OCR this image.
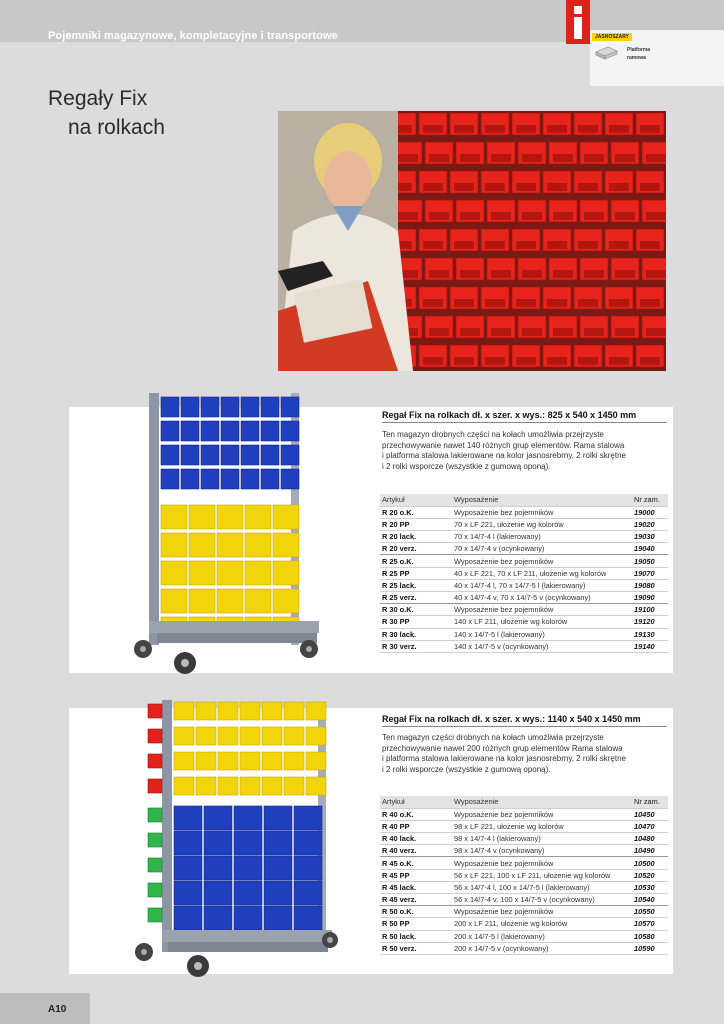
Pojemniki magazynowe, kompletacyjne i transportowe	JASNOSZARY
Platforma ramowa
Regały Fix
na rolkach
Regał Fix na rolkach dł. x szer. x wys.: 825 x 540 x 1450 mm
Ten magazyn drobnych części na kołach umożliwia przejrzyste
przechowywanie nawet 140 różnych grup elementów. Rama stalowa
i platforma stalowa lakierowane na kolor jasnosrebrny, 2 rolki skrętne
i 2 rolki wsporcze (wszystkie z gumową oponą).
Artykuł	Wyposażenie	Nr zam.
R 20 o.K.	Wyposażenie bez pojemników	19000
R 20 PP	70 x LF 221, ułożenie wg kolorów	19020
R 20 lack.	70 x 14/7-4 l (lakierowany)	19030
R 20 verz.	70 x 14/7-4 v (ocynkowany)	19040
R 25 o.K.	Wyposażenie bez pojemników	19050
R 25 PP	40 x LF 221, 70 x LF 211, ułożenie wg kolorów	19070
R 25 lack.	40 x 14/7-4 l, 70 x 14/7-5 l (lakierowany)	19080
R 25 verz.	40 x 14/7-4 v, 70 x 14/7-5 v (ocynkowany)	19090
R 30 o.K.	Wyposażenie bez pojemników	19100
R 30 PP	140 x LF 211, ułożenie wg kolorów	19120
R 30 lack.	140 x 14/7-5 l (lakierowany)	19130
R 30 verz.	140 x 14/7-5 v (ocynkowany)	19140
Regał Fix na rolkach dł. x szer. x wys.: 1140 x 540 x 1450 mm
Ten magazyn części drobnych na kołach umożliwia przejrzyste
przechowywanie nawet 200 różnych grup elementów Rama stalowa
i platforma stalowa lakierowane na kolor jasnosrebrny, 2 rolki skrętne
i 2 rolki wsporcze (wszystkie z gumową oponą).
Artykuł	Wyposażenie	Nr zam.
R 40 o.K.	Wyposażenie bez pojemników	10450
R 40 PP	98 x LF 221, ułożenie wg kolorów	10470
R 40 lack.	98 x 14/7-4 l (lakierowany)	10480
R 40 verz.	98 x 14/7-4 v (ocynkowany)	10490
R 45 o.K.	Wyposażenie bez pojemników	10500
R 45 PP	56 x LF 221, 100 x LF 211, ułożenie wg kolorów	10520
R 45 lack.	56 x 14/7-4 l, 100 x 14/7-5 l (lakierowany)	10530
R 45 verz.	56 x 14/7-4 v, 100 x 14/7-5 v (ocynkowany)	10540
R 50 o.K.	Wyposażenie bez pojemników	10550
R 50 PP	200 x LF 211, ułożenie wg kolorów	10570
R 50 lack.	200 x 14/7-5 l (lakierowany)	10580
R 50 verz.	200 x 14/7-5 v (ocynkowany)	10590
A10
